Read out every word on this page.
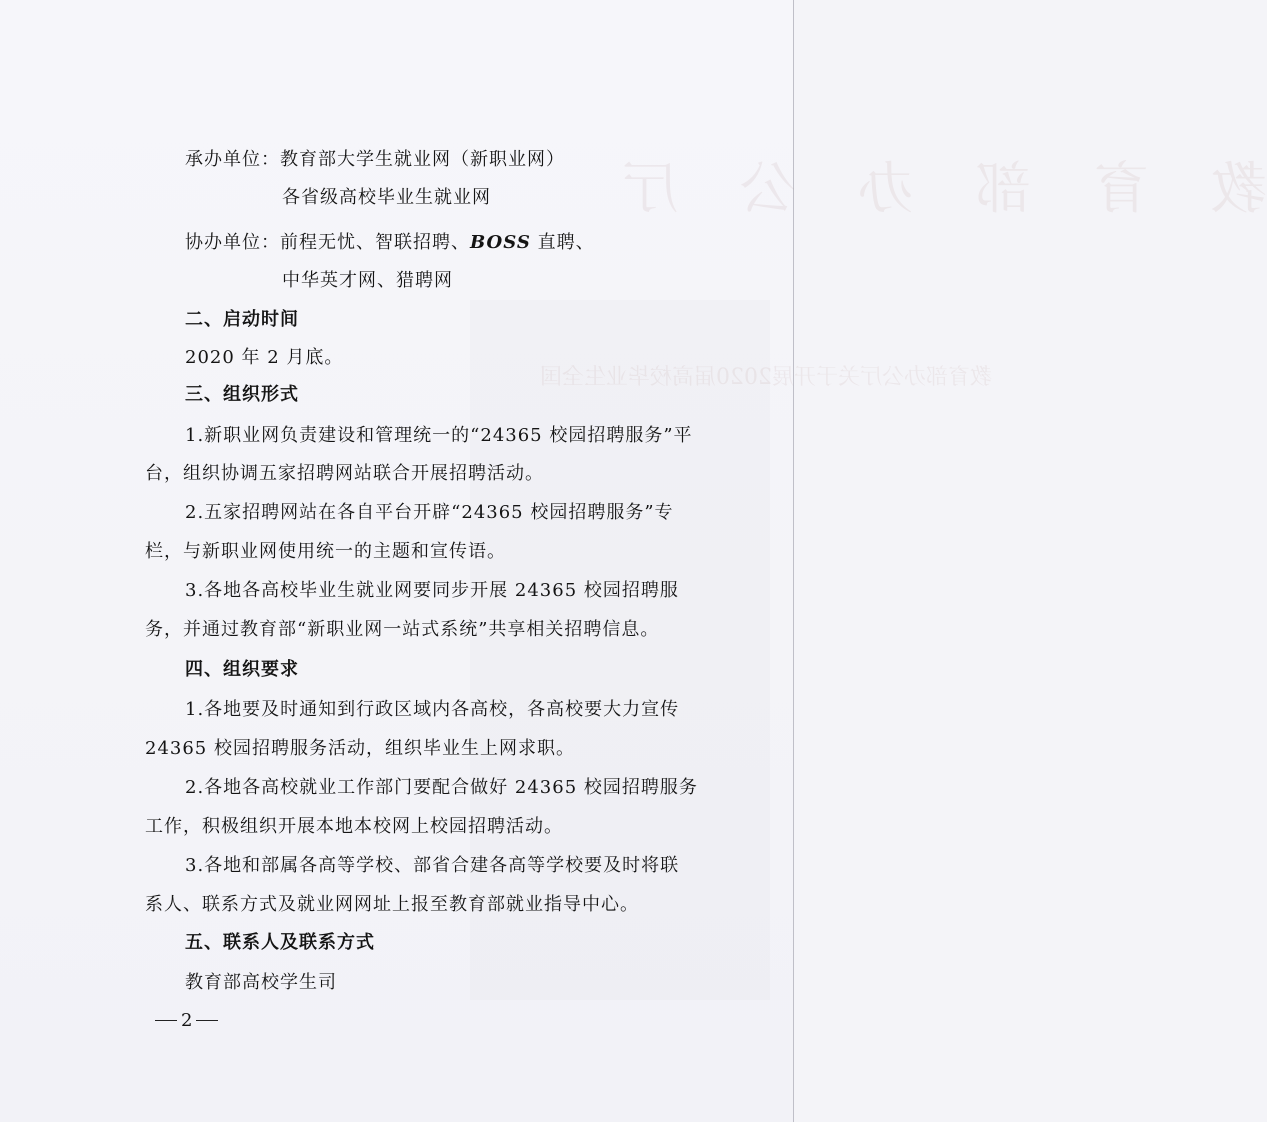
教 育 部 办 公 厅
教育部办公厅关于开展2020届高校毕业生全国
承办单位：教育部大学生就业网（新职业网）
各省级高校毕业生就业网
协办单位：前程无忧、智联招聘、BOSS 直聘、
中华英才网、猎聘网
二、启动时间
2020 年 2 月底。
三、组织形式
1.新职业网负责建设和管理统一的“24365 校园招聘服务”平
台，组织协调五家招聘网站联合开展招聘活动。
2.五家招聘网站在各自平台开辟“24365 校园招聘服务”专
栏，与新职业网使用统一的主题和宣传语。
3.各地各高校毕业生就业网要同步开展 24365 校园招聘服
务，并通过教育部“新职业网一站式系统”共享相关招聘信息。
四、组织要求
1.各地要及时通知到行政区域内各高校，各高校要大力宣传
24365 校园招聘服务活动，组织毕业生上网求职。
2.各地各高校就业工作部门要配合做好 24365 校园招聘服务
工作，积极组织开展本地本校网上校园招聘活动。
3.各地和部属各高等学校、部省合建各高等学校要及时将联
系人、联系方式及就业网网址上报至教育部就业指导中心。
五、联系人及联系方式
教育部高校学生司
2
